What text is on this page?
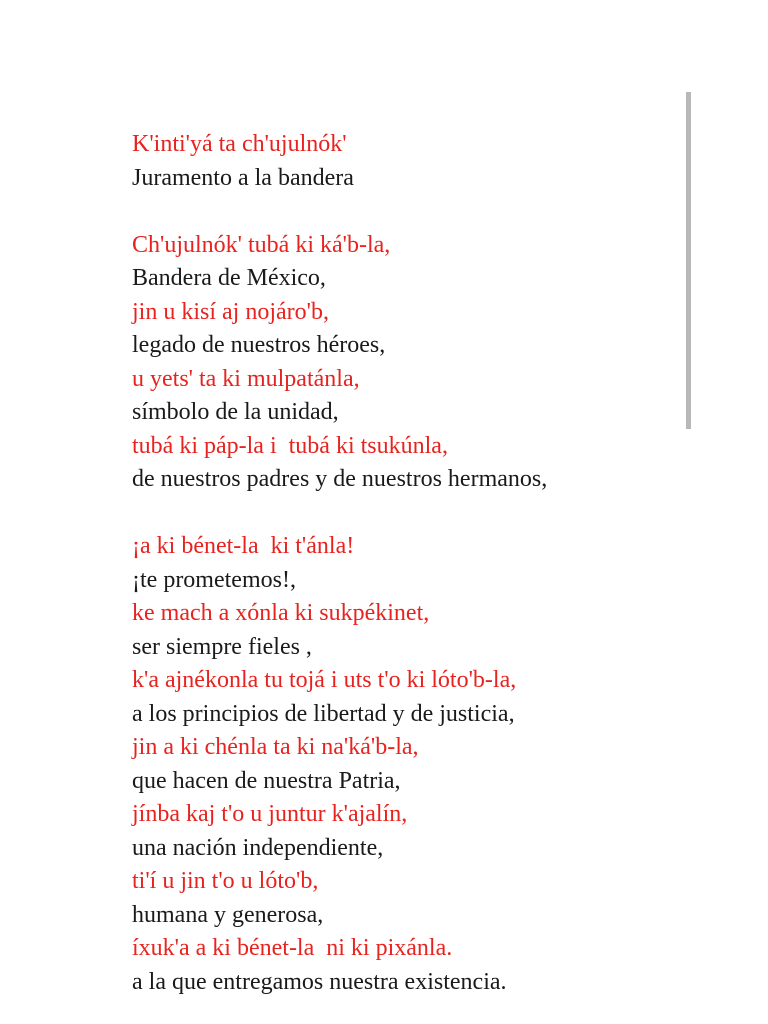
K'inti'yá ta ch'ujulnók'
Juramento a la bandera
Ch'ujulnók' tubá ki ká'b-la,
Bandera de México,
jin u kisí aj nojáro'b,
legado de nuestros héroes,
u yets' ta ki mulpatánla,
símbolo de la unidad,
tubá ki páp-la i  tubá ki tsukúnla,
de nuestros padres y de nuestros hermanos,
¡a ki bénet-la  ki t'ánla!
¡te prometemos!,
ke mach a xónla ki sukpékinet,
ser siempre fieles ,
k'a ajnékonla tu tojá i uts t'o ki lóto'b-la,
a los principios de libertad y de justicia,
jin a ki chénla ta ki na'ká'b-la,
que hacen de nuestra Patria,
jínba kaj t'o u juntur k'ajalín,
una nación independiente,
ti'í u jin t'o u lóto'b,
humana y generosa,
íxuk'a a ki bénet-la  ni ki pixánla.
a la que entregamos nuestra existencia.
